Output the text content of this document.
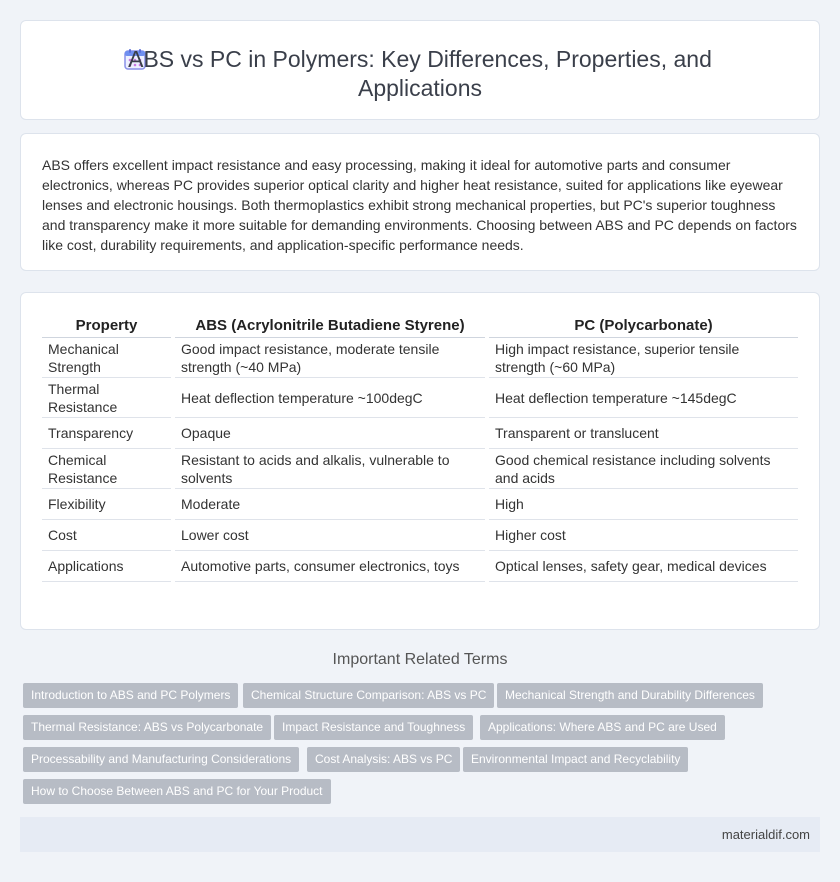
ABS vs PC in Polymers: Key Differences, Properties, and Applications

ABS offers excellent impact resistance and easy processing, making it ideal for automotive parts and consumer electronics, whereas PC provides superior optical clarity and higher heat resistance, suited for applications like eyewear lenses and electronic housings. Both thermoplastics exhibit strong mechanical properties, but PC's superior toughness and transparency make it more suitable for demanding environments. Choosing between ABS and PC depends on factors like cost, durability requirements, and application-specific performance needs.

Property	ABS (Acrylonitrile Butadiene Styrene)	PC (Polycarbonate)
Mechanical Strength	Good impact resistance, moderate tensile strength (~40 MPa)	High impact resistance, superior tensile strength (~60 MPa)
Thermal Resistance	Heat deflection temperature ~100degC	Heat deflection temperature ~145degC
Transparency	Opaque	Transparent or translucent
Chemical Resistance	Resistant to acids and alkalis, vulnerable to solvents	Good chemical resistance including solvents and acids
Flexibility	Moderate	High
Cost	Lower cost	Higher cost
Applications	Automotive parts, consumer electronics, toys	Optical lenses, safety gear, medical devices
Important Related Terms
Introduction to ABS and PC Polymers	Chemical Structure Comparison: ABS vs PC	Mechanical Strength and Durability Differences
Thermal Resistance: ABS vs Polycarbonate	Impact Resistance and Toughness	Applications: Where ABS and PC are Used
Processability and Manufacturing Considerations	Cost Analysis: ABS vs PC	Environmental Impact and Recyclability
How to Choose Between ABS and PC for Your Product
materialdif.com
